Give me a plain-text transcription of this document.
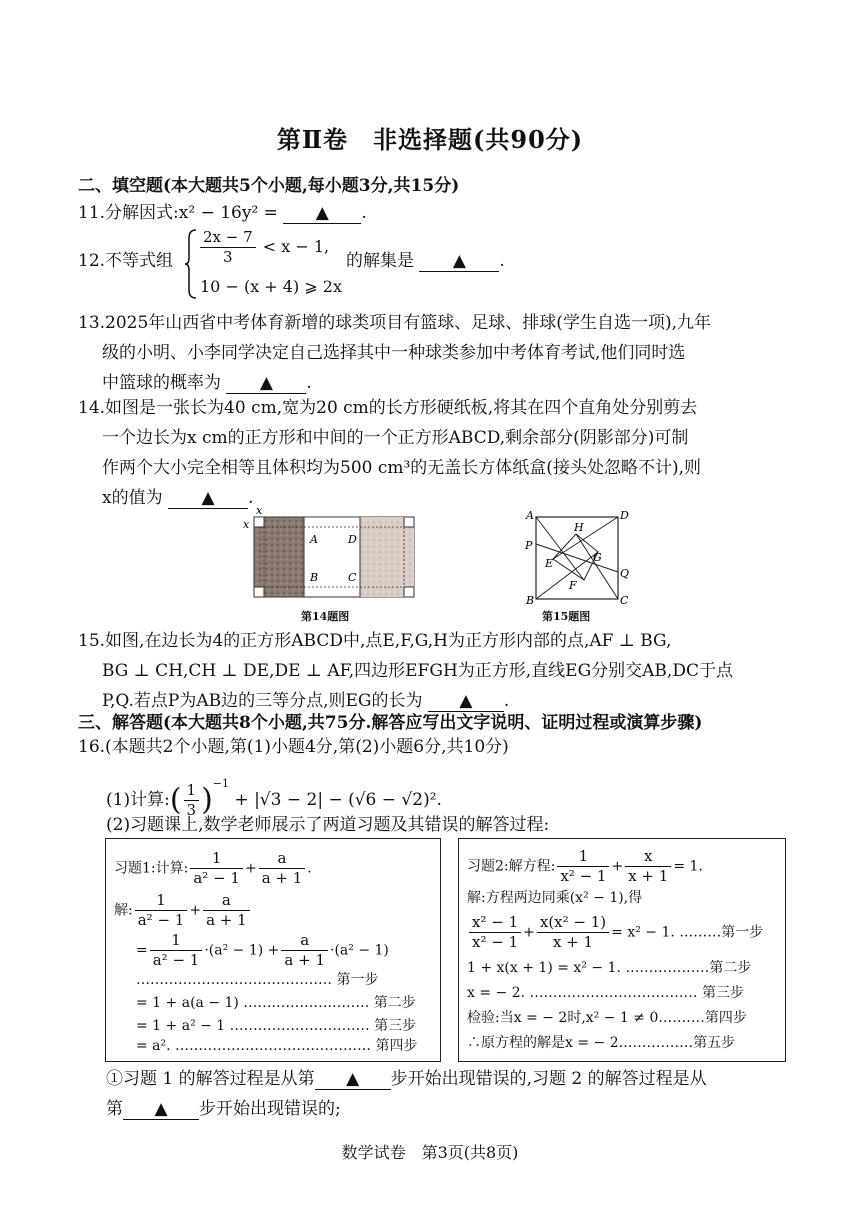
第Ⅱ卷　非选择题(共90分)
二、填空题(本大题共5个小题,每小题3分,共15分)
11.分解因式:x² − 16y² = ▲ .
12.不等式组 $\frac{2x - 7}{3} < x - 1$,
10 − (x + 4) ⩾ 2x
的解集是 ▲ .
13.2025年山西省中考体育新增的球类项目有篮球、足球、排球(学生自选一项),九年
级的小明、小李同学决定自己选择其中一种球类参加中考体育考试,他们同时选
中篮球的概率为 ▲ .
14.如图是一张长为40 cm,宽为20 cm的长方形硬纸板,将其在四个直角处分别剪去
一个边长为x cm的正方形和中间的一个正方形ABCD,剩余部分(阴影部分)可制
作两个大小完全相等且体积均为500 cm³的无盖长方体纸盒(接头处忽略不计),则
x的值为 ▲ .
x
x
A	D
B	C
第14题图
A	D
B	C
P
Q
E
H
G
F
第15题图
15.如图,在边长为4的正方形ABCD中,点E,F,G,H为正方形内部的点,AF ⊥ BG,
BG ⊥ CH,CH ⊥ DE,DE ⊥ AF,四边形EFGH为正方形,直线EG分别交AB,DC于点
P,Q.若点P为AB边的三等分点,则EG的长为 ▲ .
三、解答题(本大题共8个小题,共75分.解答应写出文字说明、证明过程或演算步骤)
16.(本题共2个小题,第(1)小题4分,第(2)小题6分,共10分)
(1)计算:( $\frac{1}{3} )^{-1} + |√3 - 2| - (√6 - √2)^2$.
(2)习题课上,数学老师展示了两道习题及其错误的解答过程:
习题1:计算: $\frac{1}{\text{a² − 1}} + \frac{a}{a + 1}$ .
解: $\frac{1}{\text{a² − 1}} + \frac{a}{a + 1}$
= $\frac{1}{\text{a² − 1}} \cdot(a^2 - 1) + \frac{a}{a + 1} \cdot(a^2 - 1)$
…………………………………… 第一步
= 1 + a(a − 1) ……………………… 第二步
= 1 + a² − 1 ………………………… 第三步
= a². …………………………………… 第四步
习题2:解方程: $\frac{1}{\text{x² − 1}} + \frac{x}{x + 1} = 1$.
解:方程两边同乘(x² − 1),得
$\frac{\text{x² − 1}}{\text{x² − 1}} + \frac{\text{x(x² − 1)}}{x + 1} = x^2 - 1$. ………第一步
1 + x(x + 1) = x² − 1. ………………第二步
x = − 2. ……………………………… 第三步
检验:当x = − 2时,x² − 1 ≠ 0.………第四步
∴原方程的解是x = − 2.……………第五步
①习题 1 的解答过程是从第 ▲ 步开始出现错误的,习题 2 的解答过程是从
第 ▲ 步开始出现错误的;
数学试卷　第3页(共8页)
